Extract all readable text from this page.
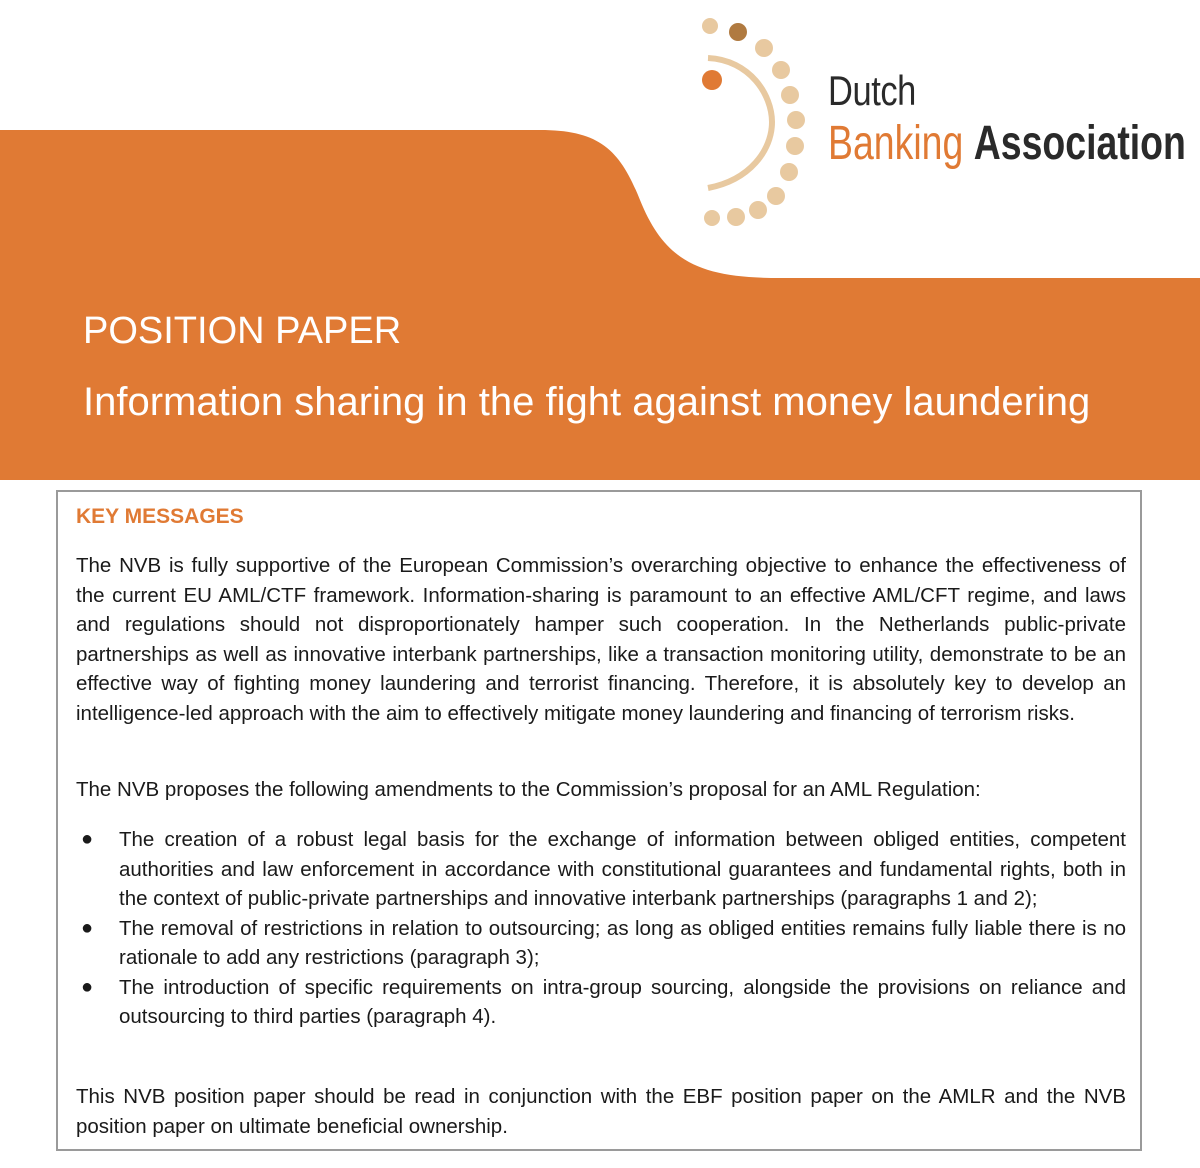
Dutch
Banking Association
POSITION PAPER
Information sharing in the fight against money laundering
KEY MESSAGES

The NVB is fully supportive of the European Commission’s overarching objective to enhance the effectiveness of the current EU AML/CTF framework. Information-sharing is paramount to an effective AML/CFT regime, and laws and regulations should not disproportionately hamper such cooperation. In the Netherlands public-private partnerships as well as innovative interbank partnerships, like a transaction monitoring utility, demonstrate to be an effective way of fighting money laundering and terrorist financing. Therefore, it is absolutely key to develop an intelligence-led approach with the aim to effectively mitigate money laundering and financing of terrorism risks.

The NVB proposes the following amendments to the Commission’s proposal for an AML Regulation:

● The creation of a robust legal basis for the exchange of information between obliged entities, competent authorities and law enforcement in accordance with constitutional guarantees and fundamental rights, both in the context of public-private partnerships and innovative interbank partnerships (paragraphs 1 and 2);
● The removal of restrictions in relation to outsourcing; as long as obliged entities remains fully liable there is no rationale to add any restrictions (paragraph 3);
● The introduction of specific requirements on intra-group sourcing, alongside the provisions on reliance and outsourcing to third parties (paragraph 4).

This NVB position paper should be read in conjunction with the EBF position paper on the AMLR and the NVB position paper on ultimate beneficial ownership.
